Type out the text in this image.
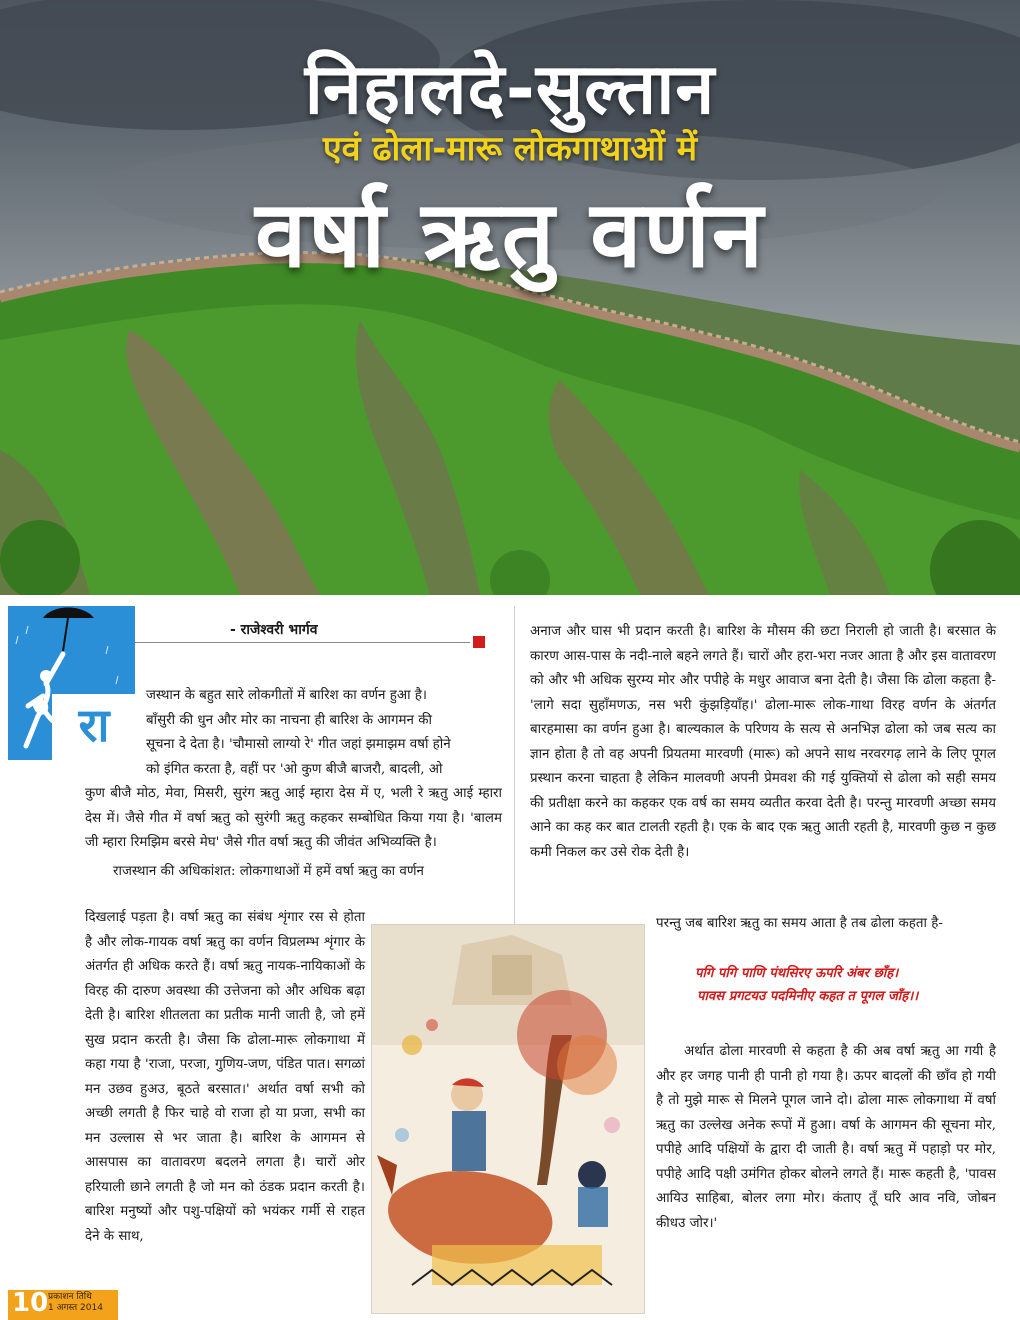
निहालदे-सुल्तान
एवं ढोला-मारू लोकगाथाओं में
वर्षा ऋतु वर्णन
रा
- राजेश्वरी भार्गव

जस्थान के बहुत सारे लोकगीतों में बारिश का वर्णन हुआ है।

बाँसुरी की धुन और मोर का नाचना ही बारिश के आगमन की

सूचना दे देता है। 'चौमासो लाग्यो रे' गीत जहां झमाझम वर्षा होने

को इंगित करता है, वहीं पर 'ओ कुण बीजै बाजरौ, बादली, ओ

कुण बीजै मोठ, मेवा, मिसरी, सुरंग ऋतु आई म्हारा देस में ए, भली रे ऋतु आई म्हारा देस में। जैसे गीत में वर्षा ऋतु को सुरंगी ऋतु कहकर सम्बोधित किया गया है। 'बालम जी म्हारा रिमझिम बरसे मेघ' जैसे गीत वर्षा ऋतु की जीवंत अभिव्यक्ति है।

राजस्थान की अधिकांशत: लोकगाथाओं में हमें वर्षा ऋतु का वर्णन

दिखलाई पड़ता है। वर्षा ऋतु का संबंध शृंगार रस से होता है और लोक-गायक वर्षा ऋतु का वर्णन विप्रलम्भ शृंगार के अंतर्गत ही अधिक करते हैं। वर्षा ऋतु नायक-नायिकाओं के विरह की दारुण अवस्था की उत्तेजना को और अधिक बढ़ा देती है। बारिश शीतलता का प्रतीक मानी जाती है, जो हमें सुख प्रदान करती है। जैसा कि ढोला-मारू लोकगाथा में कहा गया है 'राजा, परजा, गुणिय-जण, पंडित पात। सगळां मन उछव हुअउ, बूठते बरसात।' अर्थात वर्षा सभी को अच्छी लगती है फिर चाहे वो राजा हो या प्रजा, सभी का मन उल्लास से भर जाता है। बारिश के आगमन से आसपास का वातावरण बदलने लगता है। चारों ओर हरियाली छाने लगती है जो मन को ठंडक प्रदान करती है। बारिश मनुष्यों और पशु-पक्षियों को भयंकर गर्मी से राहत देने के साथ,

अनाज और घास भी प्रदान करती है। बारिश के मौसम की छटा निराली हो जाती है। बरसात के कारण आस-पास के नदी-नाले बहने लगते हैं। चारों और हरा-भरा नजर आता है और इस वातावरण को और भी अधिक सुरम्य मोर और पपीहे के मधुर आवाज बना देती है। जैसा कि ढोला कहता है- 'लागे सदा सुहाँमणऊ, नस भरी कुंझड़ियाँह।' ढोला-मारू लोक-गाथा विरह वर्णन के अंतर्गत बारहमासा का वर्णन हुआ है। बाल्यकाल के परिणय के सत्य से अनभिज्ञ ढोला को जब सत्य का ज्ञान होता है तो वह अपनी प्रियतमा मारवणी (मारू) को अपने साथ नरवरगढ़ लाने के लिए पूगल प्रस्थान करना चाहता है लेकिन मालवणी अपनी प्रेमवश की गई युक्तियों से ढोला को सही समय की प्रतीक्षा करने का कहकर एक वर्ष का समय व्यतीत करवा देती है। परन्तु मारवणी अच्छा समय आने का कह कर बात टालती रहती है। एक के बाद एक ऋतु आती रहती है, मारवणी कुछ न कुछ कमी निकल कर उसे रोक देती है।

परन्तु जब बारिश ऋतु का समय आता है तब ढोला कहता है-

पगि पगि पाणि पंथसिरए ऊपरि अंबर छाँह।
पावस प्रगटयउ पदमिनीए कहत त पूगल जाँह।।

अर्थात ढोला मारवणी से कहता है की अब वर्षा ऋतु आ गयी है और हर जगह पानी ही पानी हो गया है। ऊपर बादलों की छाँव हो गयी है तो मुझे मारू से मिलने पूगल जाने दो। ढोला मारू लोकगाथा में वर्षा ऋतु का उल्लेख अनेक रूपों में हुआ। वर्षा के आगमन की सूचना मोर, पपीहे आदि पक्षियों के द्वारा दी जाती है। वर्षा ऋतु में पहाड़ो पर मोर, पपीहे आदि पक्षी उमंगित होकर बोलने लगते हैं। मारू कहती है, 'पावस आयिउ साहिबा, बोलर लगा मोर। कंताए तूँ घरि आव नवि, जोबन कीधउ जोर।'

10 प्रकाशन तिथि
1 अगस्त 2014
